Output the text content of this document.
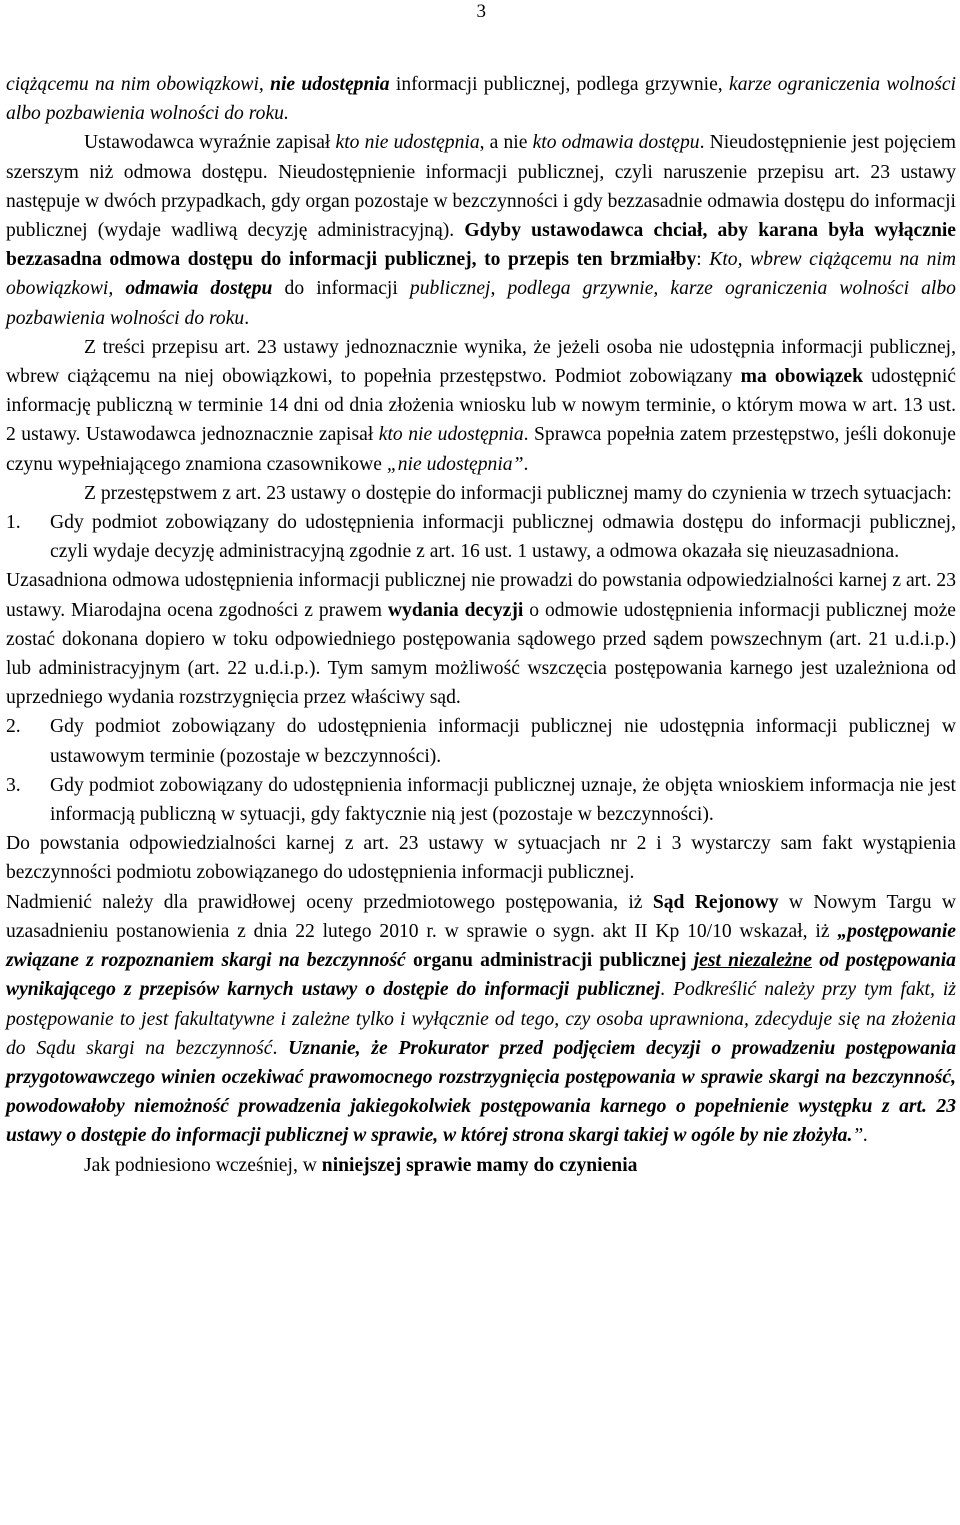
3

ciążącemu na nim obowiązkowi, nie udostępnia informacji publicznej, podlega grzywnie, karze ograniczenia wolności albo pozbawienia wolności do roku.

Ustawodawca wyraźnie zapisał kto nie udostępnia, a nie kto odmawia dostępu. Nieudostępnienie jest pojęciem szerszym niż odmowa dostępu. Nieudostępnienie informacji publicznej, czyli naruszenie przepisu art. 23 ustawy następuje w dwóch przypadkach, gdy organ pozostaje w bezczynności i gdy bezzasadnie odmawia dostępu do informacji publicznej (wydaje wadliwą decyzję administracyjną). Gdyby ustawodawca chciał, aby karana była wyłącznie bezzasadna odmowa dostępu do informacji publicznej, to przepis ten brzmiałby: Kto, wbrew ciążącemu na nim obowiązkowi, odmawia dostępu do informacji publicznej, podlega grzywnie, karze ograniczenia wolności albo pozbawienia wolności do roku.

Z treści przepisu art. 23 ustawy jednoznacznie wynika, że jeżeli osoba nie udostępnia informacji publicznej, wbrew ciążącemu na niej obowiązkowi, to popełnia przestępstwo. Podmiot zobowiązany ma obowiązek udostępnić informację publiczną w terminie 14 dni od dnia złożenia wniosku lub w nowym terminie, o którym mowa w art. 13 ust. 2 ustawy. Ustawodawca jednoznacznie zapisał kto nie udostępnia. Sprawca popełnia zatem przestępstwo, jeśli dokonuje czynu wypełniającego znamiona czasownikowe „nie udostępnia”.

Z przestępstwem z art. 23 ustawy o dostępie do informacji publicznej mamy do czynienia w trzech sytuacjach:

1.	Gdy podmiot zobowiązany do udostępnienia informacji publicznej odmawia dostępu do informacji publicznej, czyli wydaje decyzję administracyjną zgodnie z art. 16 ust. 1 ustawy, a odmowa okazała się nieuzasadniona.

Uzasadniona odmowa udostępnienia informacji publicznej nie prowadzi do powstania odpowiedzialności karnej z art. 23 ustawy. Miarodajna ocena zgodności z prawem wydania decyzji o odmowie udostępnienia informacji publicznej może zostać dokonana dopiero w toku odpowiedniego postępowania sądowego przed sądem powszechnym (art. 21 u.d.i.p.) lub administracyjnym (art. 22 u.d.i.p.). Tym samym możliwość wszczęcia postępowania karnego jest uzależniona od uprzedniego wydania rozstrzygnięcia przez właściwy sąd.

2.	Gdy podmiot zobowiązany do udostępnienia informacji publicznej nie udostępnia informacji publicznej w ustawowym terminie (pozostaje w bezczynności).
3.	Gdy podmiot zobowiązany do udostępnienia informacji publicznej uznaje, że objęta wnioskiem informacja nie jest informacją publiczną w sytuacji, gdy faktycznie nią jest (pozostaje w bezczynności).

Do powstania odpowiedzialności karnej z art. 23 ustawy w sytuacjach nr 2 i 3 wystarczy sam fakt wystąpienia bezczynności podmiotu zobowiązanego do udostępnienia informacji publicznej.

Nadmienić należy dla prawidłowej oceny przedmiotowego postępowania, iż Sąd Rejonowy w Nowym Targu w uzasadnieniu postanowienia z dnia 22 lutego 2010 r. w sprawie o sygn. akt II Kp 10/10 wskazał, iż „postępowanie związane z rozpoznaniem skargi na bezczynność organu administracji publicznej jest niezależne od postępowania wynikającego z przepisów karnych ustawy o dostępie do informacji publicznej. Podkreślić należy przy tym fakt, iż postępowanie to jest fakultatywne i zależne tylko i wyłącznie od tego, czy osoba uprawniona, zdecyduje się na złożenia do Sądu skargi na bezczynność. Uznanie, że Prokurator przed podjęciem decyzji o prowadzeniu postępowania przygotowawczego winien oczekiwać prawomocnego rozstrzygnięcia postępowania w sprawie skargi na bezczynność, powodowałoby niemożność prowadzenia jakiegokolwiek postępowania karnego o popełnienie występku z art. 23 ustawy o dostępie do informacji publicznej w sprawie, w której strona skargi takiej w ogóle by nie złożyła.”.

Jak podniesiono wcześniej, w niniejszej sprawie mamy do czynienia
